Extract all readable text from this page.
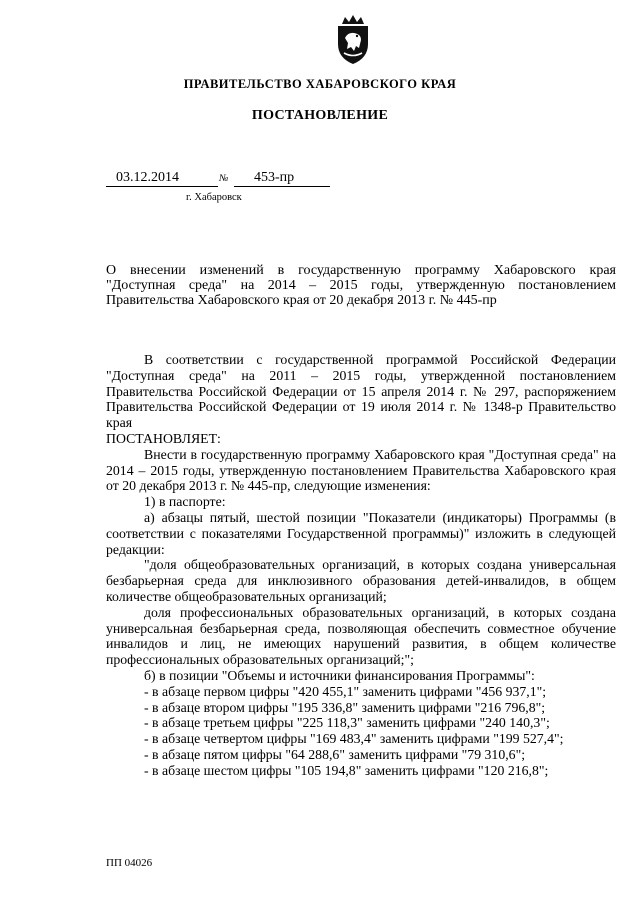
ПРАВИТЕЛЬСТВО ХАБАРОВСКОГО КРАЯ
ПОСТАНОВЛЕНИЕ
03.12.2014	№	453-пр
г. Хабаровск
О внесении изменений в государственную программу Хабаровского края "Доступная среда" на 2014 – 2015 годы, утвержденную постановлением Правительства Хабаровского края от 20 декабря 2013 г. № 445-пр

В соответствии с государственной программой Российской Федерации "Доступная среда" на 2011 – 2015 годы, утвержденной постановлением Правительства Российской Федерации от 15 апреля 2014 г. № 297, распоряжением Правительства Российской Федерации от 19 июля 2014 г. № 1348-р Правительство края

ПОСТАНОВЛЯЕТ:

Внести в государственную программу Хабаровского края "Доступная среда" на 2014 – 2015 годы, утвержденную постановлением Правительства Хабаровского края от 20 декабря 2013 г. № 445-пр, следующие изменения:

1) в паспорте:

а) абзацы пятый, шестой позиции "Показатели (индикаторы) Программы (в соответствии с показателями Государственной программы)" изложить в следующей редакции:

"доля общеобразовательных организаций, в которых создана универсальная безбарьерная среда для инклюзивного образования детей-инвалидов, в общем количестве общеобразовательных организаций;

доля профессиональных образовательных организаций, в которых создана универсальная безбарьерная среда, позволяющая обеспечить совместное обучение инвалидов и лиц, не имеющих нарушений развития, в общем количестве профессиональных образовательных организаций;";

б) в позиции "Объемы и источники финансирования Программы":

- в абзаце первом цифры "420 455,1" заменить цифрами "456 937,1";

- в абзаце втором цифры "195 336,8" заменить цифрами "216 796,8";

- в абзаце третьем цифры "225 118,3" заменить цифрами "240 140,3";

- в абзаце четвертом цифры "169 483,4" заменить цифрами "199 527,4";

- в абзаце пятом цифры "64 288,6" заменить цифрами "79 310,6";

- в абзаце шестом цифры "105 194,8" заменить цифрами "120 216,8";

ПП 04026
